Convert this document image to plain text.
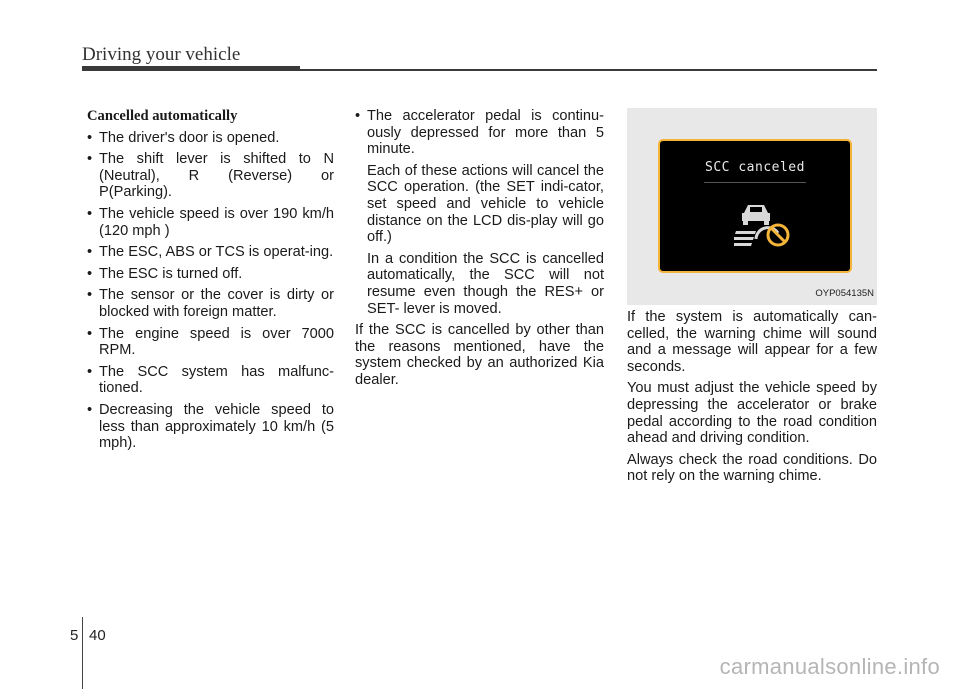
Driving your vehicle

Cancelled automatically

• The driver's door is opened.

• The shift lever is shifted to N (Neutral), R (Reverse) or P(Parking).

• The vehicle speed is over 190 km/h (120 mph )

• The ESC, ABS or TCS is operat-ing.

• The ESC is turned off.

• The sensor or the cover is dirty or blocked with foreign matter.

• The engine speed is over 7000 RPM.

• The SCC system has malfunc-tioned.

• Decreasing the vehicle speed to less than approximately 10 km/h (5 mph).

• The accelerator pedal is continu-ously depressed for more than 5 minute.

Each of these actions will cancel the SCC operation. (the SET indi-cator, set speed and vehicle to vehicle distance on the LCD dis-play will go off.)

In a condition the SCC is cancelled automatically, the SCC will not resume even though the RES+ or SET- lever is moved.

If the SCC is cancelled by other than the reasons mentioned, have the system checked by an authorized Kia dealer.

SCC canceled
OYP054135N

If the system is automatically can-celled, the warning chime will sound and a message will appear for a few seconds.

You must adjust the vehicle speed by depressing the accelerator or brake pedal according to the road condition ahead and driving condition.

Always check the road conditions. Do not rely on the warning chime.

5 40
carmanualsonline.info
